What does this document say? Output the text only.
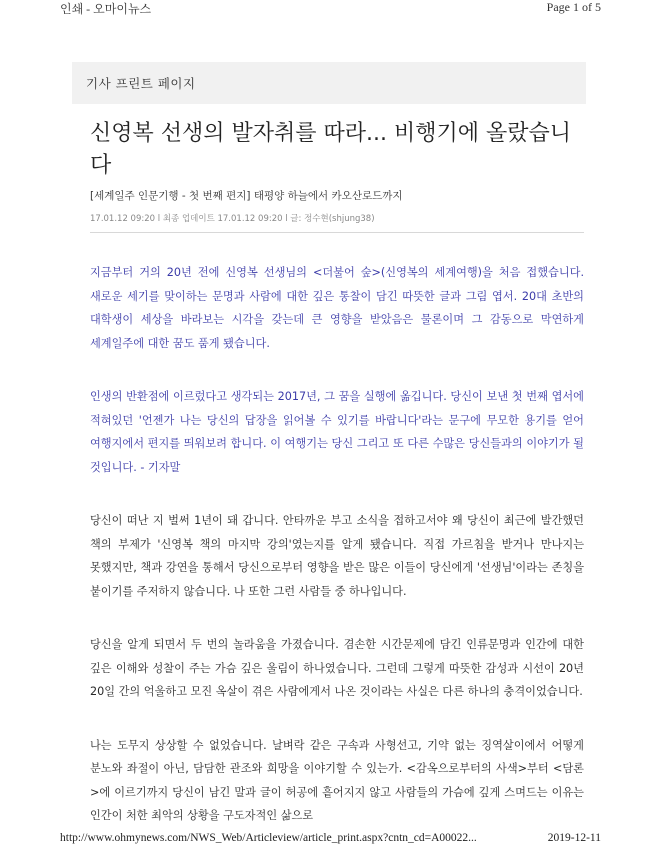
인쇄 - 오마이뉴스	Page 1 of 5
기사 프린트 페이지
신영복 선생의 발자취를 따라... 비행기에 올랐습니다
[세계일주 인문기행 - 첫 번째 편지] 태평양 하늘에서 카오산로드까지
17.01.12 09:20 l 최종 업데이트 17.01.12 09:20 l 글: 정수현(shjung38)

지금부터 거의 20년 전에 신영복 선생님의 <더불어 숲>(신영복의 세계여행)을 처음 접했습니다. 새로운 세기를 맞이하는 문명과 사람에 대한 깊은 통찰이 담긴 따뜻한 글과 그림 엽서. 20대 초반의 대학생이 세상을 바라보는 시각을 갖는데 큰 영향을 받았음은 물론이며 그 감동으로 막연하게 세계일주에 대한 꿈도 품게 됐습니다.

인생의 반환점에 이르렀다고 생각되는 2017년, 그 꿈을 실행에 옮깁니다. 당신이 보낸 첫 번째 엽서에 적혀있던 '언젠가 나는 당신의 답장을 읽어볼 수 있기를 바랍니다'라는 문구에 무모한 용기를 얻어 여행지에서 편지를 띄워보려 합니다. 이 여행기는 당신 그리고 또 다른 수많은 당신들과의 이야기가 될 것입니다. - 기자말

당신이 떠난 지 벌써 1년이 돼 갑니다. 안타까운 부고 소식을 접하고서야 왜 당신이 최근에 발간했던 책의 부제가 '신영복 책의 마지막 강의'였는지를 알게 됐습니다. 직접 가르침을 받거나 만나지는 못했지만, 책과 강연을 통해서 당신으로부터 영향을 받은 많은 이들이 당신에게 '선생님'이라는 존칭을 붙이기를 주저하지 않습니다. 나 또한 그런 사람들 중 하나입니다.

당신을 알게 되면서 두 번의 놀라움을 가졌습니다. 겸손한 시간문제에 담긴 인류문명과 인간에 대한 깊은 이해와 성찰이 주는 가슴 깊은 울림이 하나였습니다. 그런데 그렇게 따뜻한 감성과 시선이 20년 20일 간의 억울하고 모진 옥살이 겪은 사람에게서 나온 것이라는 사실은 다른 하나의 충격이었습니다.

나는 도무지 상상할 수 없었습니다. 날벼락 같은 구속과 사형선고, 기약 없는 징역살이에서 어떻게 분노와 좌절이 아닌, 담담한 관조와 희망을 이야기할 수 있는가. <감옥으로부터의 사색>부터 <담론>에 이르기까지 당신이 남긴 말과 글이 허공에 흩어지지 않고 사람들의 가슴에 깊게 스며드는 이유는 인간이 처한 최악의 상황을 구도자적인 삶으로

http://www.ohmynews.com/NWS_Web/Articleview/article_print.aspx?cntn_cd=A00022...	2019-12-11
